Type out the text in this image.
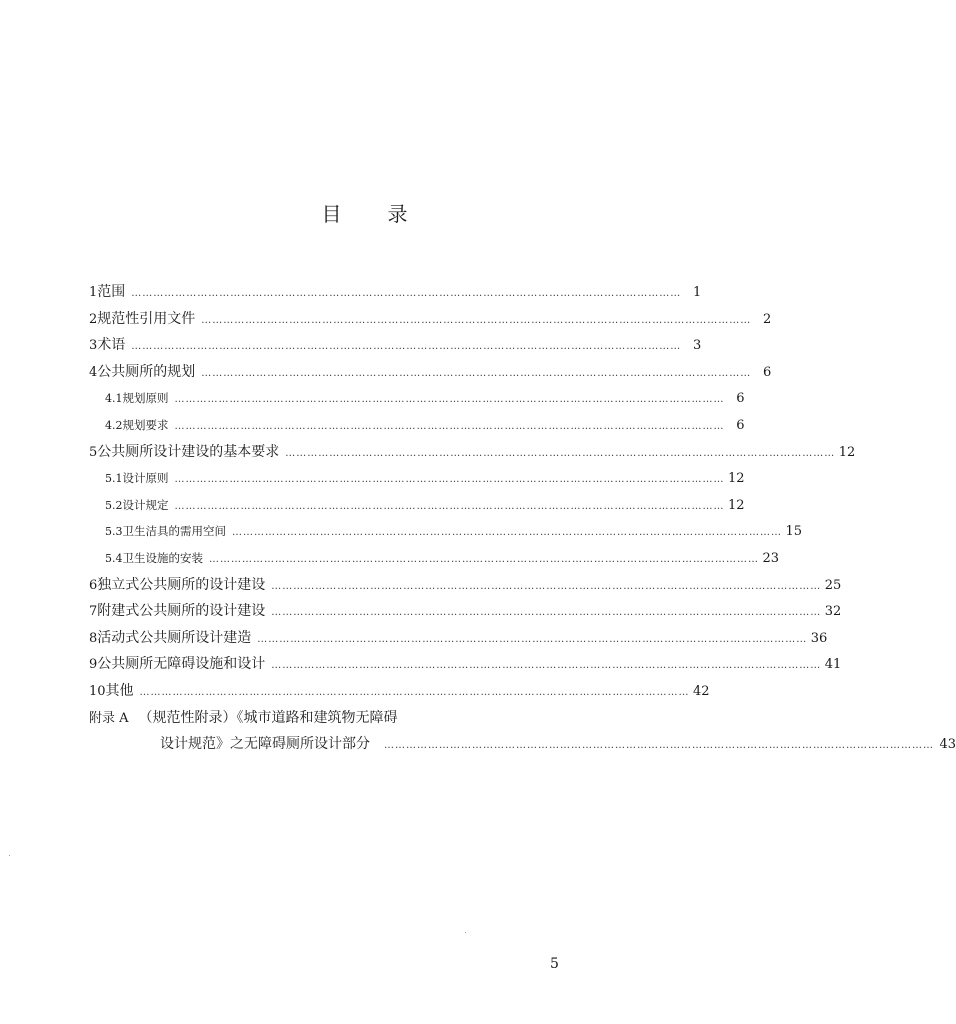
目 录
1 范围 …………………………………………………………………………………………………………………………………… 1
2 规范性引用文件 …………………………………………………………………………………………………………………………………… 2
3 术语 …………………………………………………………………………………………………………………………………… 3
4 公共厕所的规划 …………………………………………………………………………………………………………………………………… 6
4.1 规划原则 …………………………………………………………………………………………………………………………………… 6
4.2 规划要求 …………………………………………………………………………………………………………………………………… 6
5 公共厕所设计建设的基本要求 …………………………………………………………………………………………………………………………………… 12
5.1 设计原则 …………………………………………………………………………………………………………………………………… 12
5.2 设计规定 …………………………………………………………………………………………………………………………………… 12
5.3 卫生洁具的需用空间 …………………………………………………………………………………………………………………………………… 15
5.4 卫生设施的安装 …………………………………………………………………………………………………………………………………… 23
6 独立式公共厕所的设计建设 …………………………………………………………………………………………………………………………………… 25
7 附建式公共厕所的设计建设 …………………………………………………………………………………………………………………………………… 32
8 活动式公共厕所设计建造 …………………………………………………………………………………………………………………………………… 36
9 公共厕所无障碍设施和设计 …………………………………………………………………………………………………………………………………… 41
10 其他 …………………………………………………………………………………………………………………………………… 42
附录 A （规范性附录）《城市道路和建筑物无障碍
设计规范》之无障碍厕所设计部分 …………………………………………………………………………………………………………………………………… 43
5
